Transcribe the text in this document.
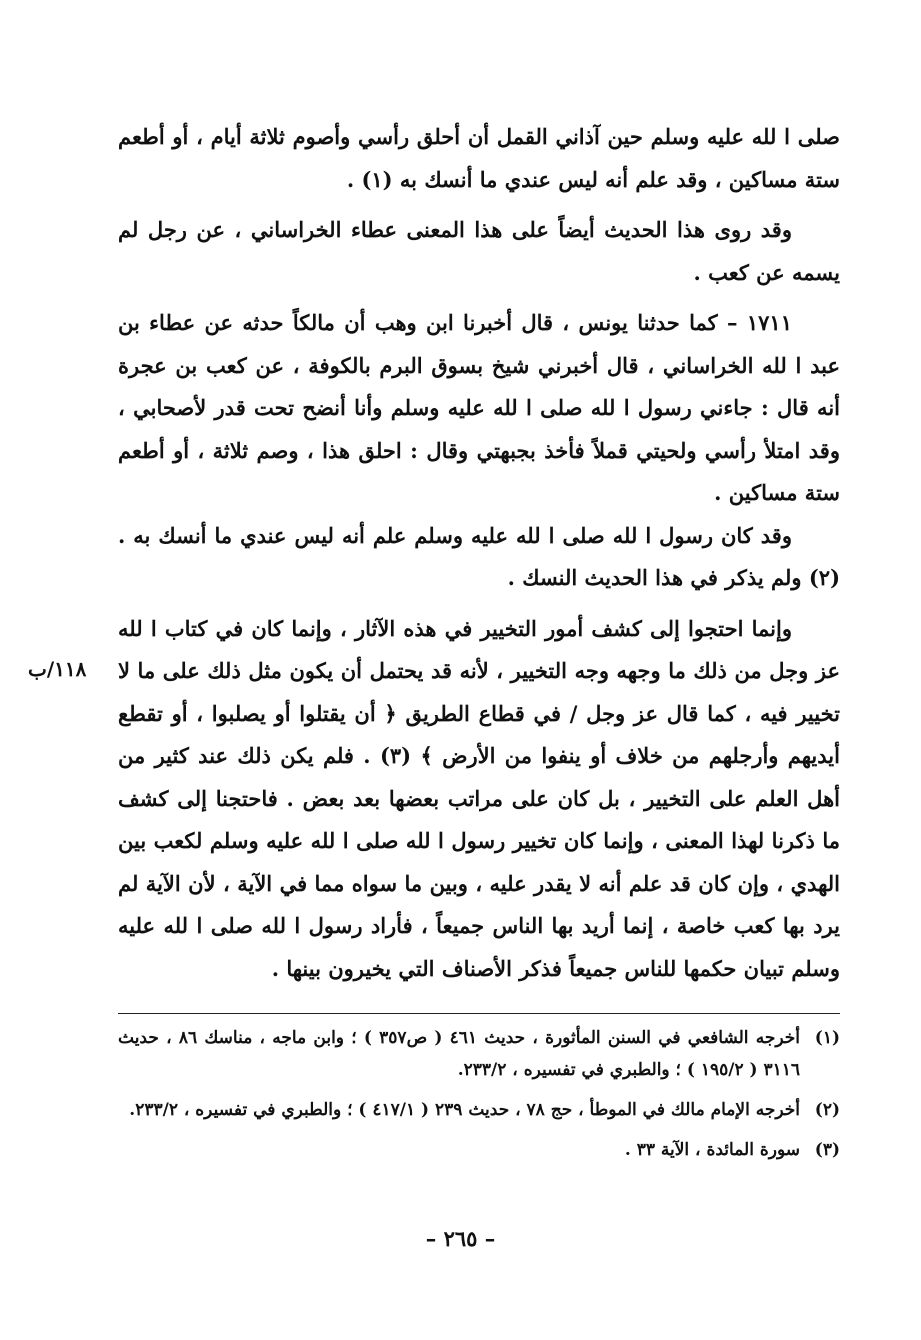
صلى ا لله عليه وسلم حين آذاني القمل أن أحلق رأسي وأصوم ثلاثة أيام ، أو أطعم ستة مساكين ، وقد علم أنه ليس عندي ما أنسك به (١) .

وقد روى هذا الحديث أيضاً على هذا المعنى عطاء الخراساني ، عن رجل لم يسمه عن كعب .

١٧١١ – كما حدثنا يونس ، قال أخبرنا ابن وهب أن مالكاً حدثه عن عطاء بن عبد ا لله الخراساني ، قال أخبرني شيخ بسوق البرم بالكوفة ، عن كعب بن عجرة أنه قال : جاءني رسول ا لله صلى ا لله عليه وسلم وأنا أنضح تحت قدر لأصحابي ، وقد امتلأ رأسي ولحيتي قملاً فأخذ بجبهتي وقال : احلق هذا ، وصم ثلاثة ، أو أطعم ستة مساكين .

وقد كان رسول ا لله صلى ا لله عليه وسلم علم أنه ليس عندي ما أنسك به . (٢) ولم يذكر في هذا الحديث النسك .

وإنما احتجوا إلى كشف أمور التخيير في هذه الآثار ، وإنما كان في كتاب ا لله عز وجل من ذلك ما وجهه وجه التخيير ، لأنه قد يحتمل أن يكون مثل ذلك على ما لا تخيير فيه ، كما قال عز وجل / في قطاع الطريق ﴿ أن يقتلوا أو يصلبوا ، أو تقطع أيديهم وأرجلهم من خلاف أو ينفوا من الأرض ﴾ (٣) . فلم يكن ذلك عند كثير من أهل العلم على التخيير ، بل كان على مراتب بعضها بعد بعض . فاحتجنا إلى كشف ما ذكرنا لهذا المعنى ، وإنما كان تخيير رسول ا لله صلى ا لله عليه وسلم لكعب بين الهدي ، وإن كان قد علم أنه لا يقدر عليه ، وبين ما سواه مما في الآية ، لأن الآية لم يرد بها كعب خاصة ، إنما أريد بها الناس جميعاً ، فأراد رسول ا لله صلى ا لله عليه وسلم تبيان حكمها للناس جميعاً فذكر الأصناف التي يخيرون بينها .

١١٨/ب
(١)
أخرجه الشافعي في السنن المأثورة ، حديث ٤٦١ ( ص٣٥٧ ) ؛ وابن ماجه ، مناسك ٨٦ ، حديث ٣١١٦ ( ١٩٥/٢ ) ؛ والطبري في تفسيره ، ٢٣٣/٢.
(٢)
أخرجه الإمام مالك في الموطأ ، حج ٧٨ ، حديث ٢٣٩ ( ٤١٧/١ ) ؛ والطبري في تفسيره ، ٢٣٣/٢.
(٣)
سورة المائدة ، الآية ٣٣ .
– ٢٦٥ –
